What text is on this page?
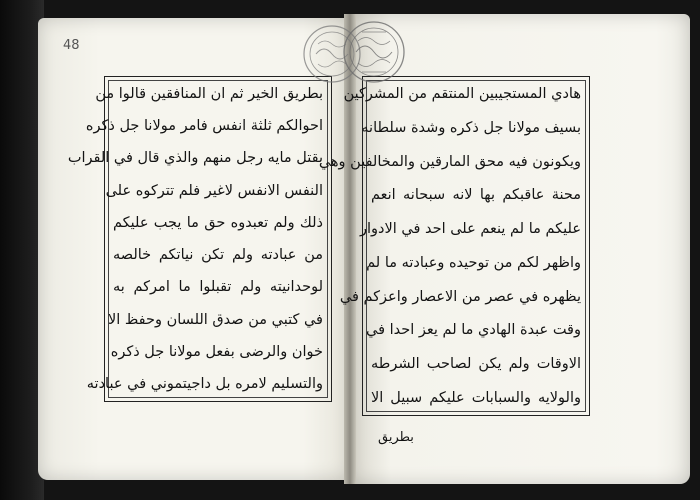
48
بطريق الخير ثم ان المنافقين قالوا من
احوالكم ثلثة انفس فامر مولانا جل ذكره
بقتل مايه رجل منهم والذي قال في القراب
النفس الانفس لاغير فلم تتركوه على
ذلك ولم تعبدوه حق ما يجب عليكم
من عبادته ولم تكن نياتكم خالصه
لوحدانيته ولم تقبلوا ما امركم به
في كتبي من صدق اللسان وحفظ الا
خوان والرضى بفعل مولانا جل ذكره
والتسليم لامره بل داجيتموني في عبادته
هادي المستجيبين المنتقم من المشركين
بسيف مولانا جل ذكره وشدة سلطانه
ويكونون فيه محق المارقين والمخالفين وهي
محنة عاقبكم بها لانه سبحانه انعم
عليكم ما لم ينعم على احد في الادوار
واظهر لكم من توحيده وعبادته ما لم
يظهره في عصر من الاعصار واعزكم في
وقت عبدة الهادي ما لم يعز احدا في
الاوقات ولم يكن لصاحب الشرطه
والولايه والسبابات عليكم سبيل الا
بطريق
